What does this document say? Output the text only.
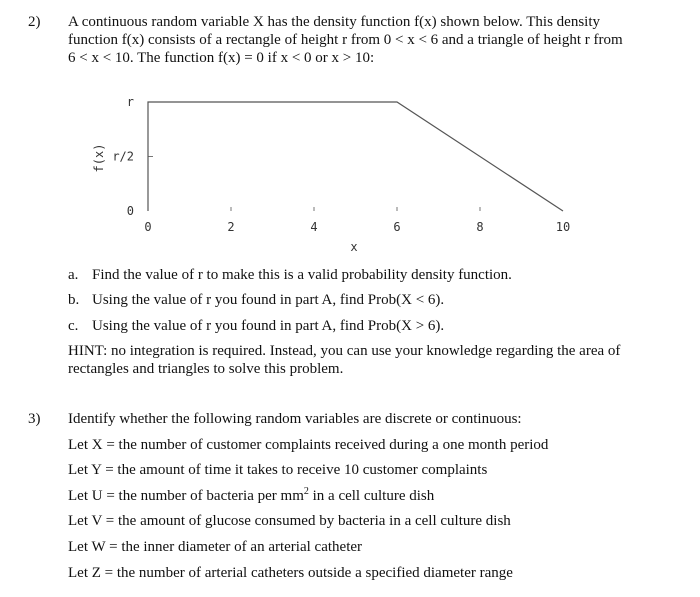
2) A continuous random variable X has the density function f(x) shown below. This density
function f(x) consists of a rectangle of height r from 0 < x < 6 and a triangle of height r from
6 < x < 10. The function f(x) = 0 if x < 0 or x > 10:
f(x)
x
0	2	4	6	8	10
0
r/2
r
a. Find the value of r to make this is a valid probability density function.
b. Using the value of r you found in part A, find Prob(X < 6).
c. Using the value of r you found in part A, find Prob(X > 6).
HINT: no integration is required. Instead, you can use your knowledge regarding the area of
rectangles and triangles to solve this problem.
3) Identify whether the following random variables are discrete or continuous:
Let X = the number of customer complaints received during a one month period
Let Y = the amount of time it takes to receive 10 customer complaints
Let U = the number of bacteria per $mm^2$ in a cell culture dish
Let V = the amount of glucose consumed by bacteria in a cell culture dish
Let W = the inner diameter of an arterial catheter
Let Z = the number of arterial catheters outside a specified diameter range
